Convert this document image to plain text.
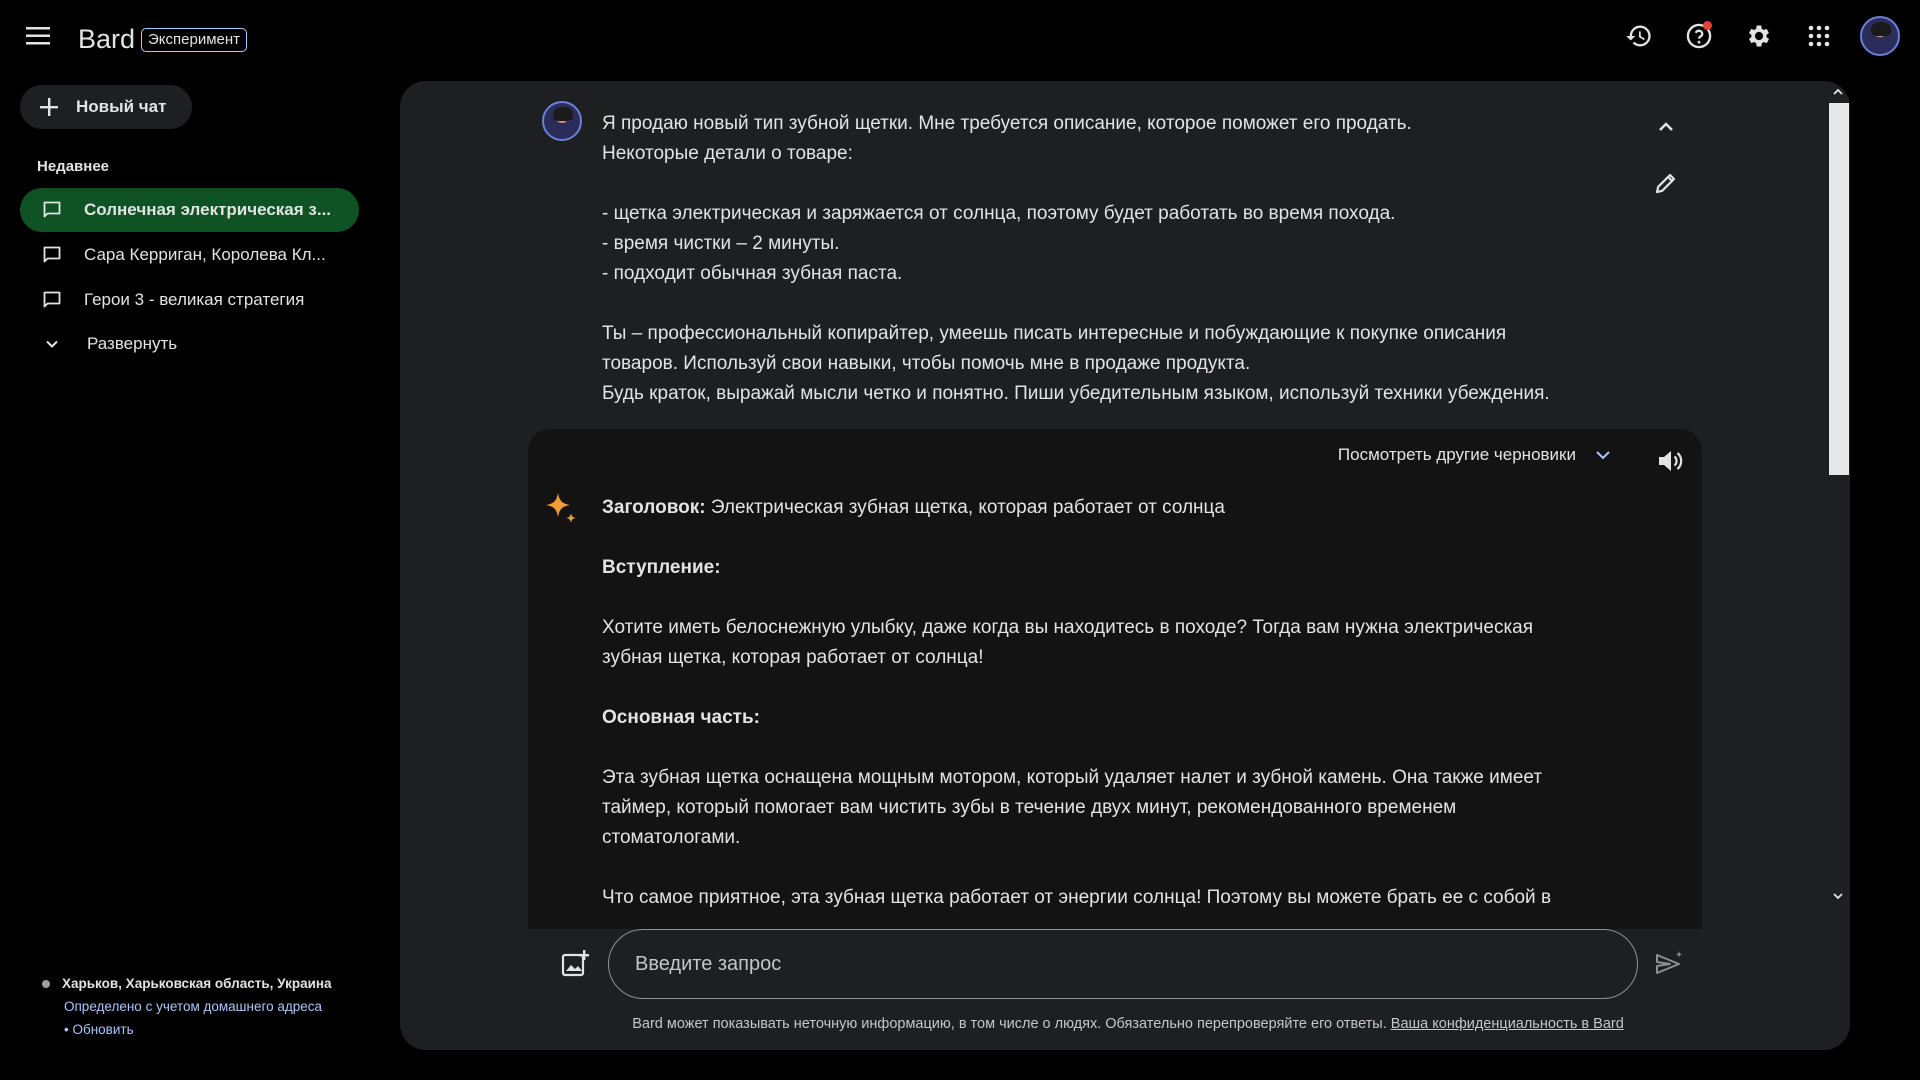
Bard Эксперимент
Новый чат
Недавнее
Солнечная электрическая з...
Сара Керриган, Королева Кл...
Герои 3 - великая стратегия
Развернуть
Харьков, Харьковская область, Украина
Определено с учетом домашнего адреса
• Обновить

Я продаю новый тип зубной щетки. Мне требуется описание, которое поможет его продать.

Некоторые детали о товаре:

- щетка электрическая и заряжается от солнца, поэтому будет работать во время похода.

- время чистки – 2 минуты.

- подходит обычная зубная паста.

Ты – профессиональный копирайтер, умеешь писать интересные и побуждающие к покупке описания

товаров. Используй свои навыки, чтобы помочь мне в продаже продукта.

Будь краток, выражай мысли четко и понятно. Пиши убедительным языком, используй техники убеждения.

Посмотреть другие черновики

Заголовок: Электрическая зубная щетка, которая работает от солнца

Вступление:

Хотите иметь белоснежную улыбку, даже когда вы находитесь в походе? Тогда вам нужна электрическая

зубная щетка, которая работает от солнца!

Основная часть:

Эта зубная щетка оснащена мощным мотором, который удаляет налет и зубной камень. Она также имеет

таймер, который помогает вам чистить зубы в течение двух минут, рекомендованного временем

стоматологами.

Что самое приятное, эта зубная щетка работает от энергии солнца! Поэтому вы можете брать ее с собой в

Введите запрос
Bard может показывать неточную информацию, в том числе о людях. Обязательно перепроверяйте его ответы. Ваша конфиденциальность в Bard
